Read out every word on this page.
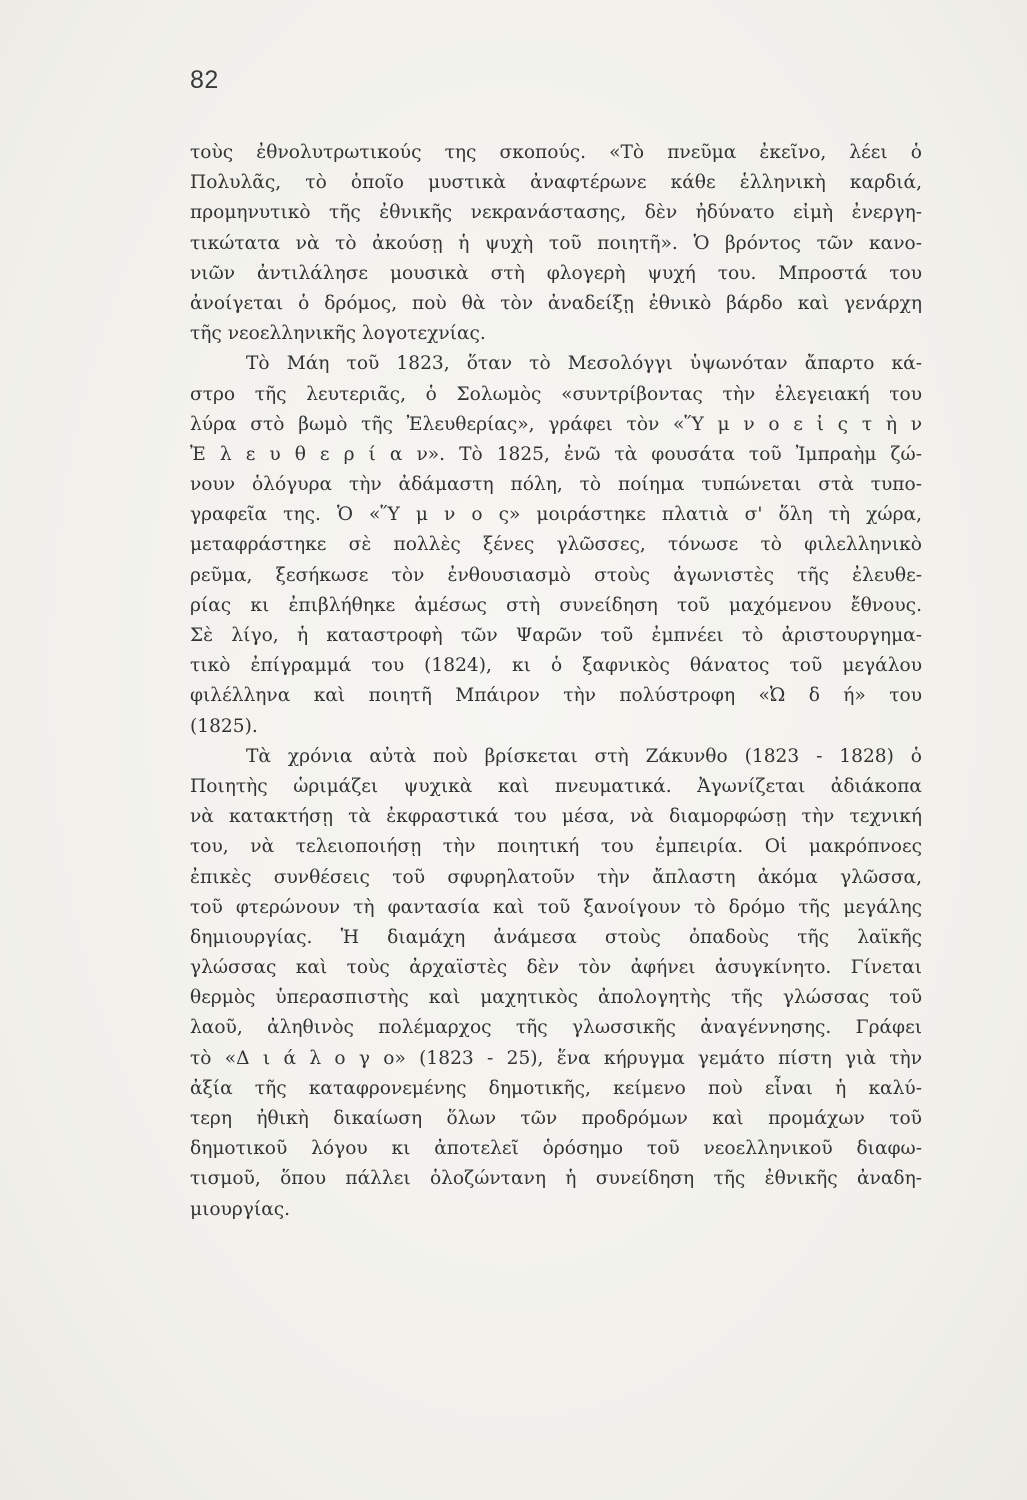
82
τοὺς ἐθνολυτρωτικούς της σκοπούς. «Τὸ πνεῦμα ἐκεῖνο, λέει ὁ
Πολυλᾶς, τὸ ὁποῖο μυστικὰ ἀναφτέρωνε κάθε ἑλληνικὴ καρδιά,
προμηνυτικὸ τῆς ἐθνικῆς νεκρανάστασης, δὲν ἠδύνατο εἰμὴ ἐνεργη-
τικώτατα νὰ τὸ ἀκούσῃ ἡ ψυχὴ τοῦ ποιητῆ». Ὁ βρόντος τῶν κανο-
νιῶν ἀντιλάλησε μουσικὰ στὴ φλογερὴ ψυχή του. Μπροστά του
ἀνοίγεται ὁ δρόμος, ποὺ θὰ τὸν ἀναδείξῃ ἐθνικὸ βάρδο καὶ γενάρχη
τῆς νεοελληνικῆς λογοτεχνίας.
Τὸ Μάη τοῦ 1823, ὅταν τὸ Μεσολόγγι ὑψωνόταν ἄπαρτο κά-
στρο τῆς λευτεριᾶς, ὁ Σολωμὸς «συντρίβοντας τὴν ἐλεγειακή του
λύρα στὸ βωμὸ τῆς Ἐλευθερίας», γράφει τὸν «Ὕ μ ν ο ε ἰ ς τ ὴ ν
Ἐ λ ε υ θ ε ρ ί α ν». Τὸ 1825, ἐνῶ τὰ φουσάτα τοῦ Ἰμπραὴμ ζώ-
νουν ὁλόγυρα τὴν ἀδάμαστη πόλη, τὸ ποίημα τυπώνεται στὰ τυπο-
γραφεῖα της. Ὁ «Ὕ μ ν ο ς» μοιράστηκε πλατιὰ σ' ὅλη τὴ χώρα,
μεταφράστηκε σὲ πολλὲς ξένες γλῶσσες, τόνωσε τὸ φιλελληνικὸ
ρεῦμα, ξεσήκωσε τὸν ἐνθουσιασμὸ στοὺς ἀγωνιστὲς τῆς ἐλευθε-
ρίας κι ἐπιβλήθηκε ἀμέσως στὴ συνείδηση τοῦ μαχόμενου ἔθνους.
Σὲ λίγο, ἡ καταστροφὴ τῶν Ψαρῶν τοῦ ἐμπνέει τὸ ἀριστουργημα-
τικὸ ἐπίγραμμά του (1824), κι ὁ ξαφνικὸς θάνατος τοῦ μεγάλου
φιλέλληνα καὶ ποιητῆ Μπάιρον τὴν πολύστροφη «Ὠ δ ή» του
(1825).
Τὰ χρόνια αὐτὰ ποὺ βρίσκεται στὴ Ζάκυνθο (1823 - 1828) ὁ
Ποιητὴς ὡριμάζει ψυχικὰ καὶ πνευματικά. Ἀγωνίζεται ἀδιάκοπα
νὰ κατακτήσῃ τὰ ἐκφραστικά του μέσα, νὰ διαμορφώσῃ τὴν τεχνική
του, νὰ τελειοποιήσῃ τὴν ποιητική του ἐμπειρία. Οἱ μακρόπνοες
ἐπικὲς συνθέσεις τοῦ σφυρηλατοῦν τὴν ἄπλαστη ἀκόμα γλῶσσα,
τοῦ φτερώνουν τὴ φαντασία καὶ τοῦ ξανοίγουν τὸ δρόμο τῆς μεγάλης
δημιουργίας. Ἡ διαμάχη ἀνάμεσα στοὺς ὀπαδοὺς τῆς λαϊκῆς
γλώσσας καὶ τοὺς ἀρχαϊστὲς δὲν τὸν ἀφήνει ἀσυγκίνητο. Γίνεται
θερμὸς ὑπερασπιστὴς καὶ μαχητικὸς ἀπολογητὴς τῆς γλώσσας τοῦ
λαοῦ, ἀληθινὸς πολέμαρχος τῆς γλωσσικῆς ἀναγέννησης. Γράφει
τὸ «Δ ι ά λ ο γ ο» (1823 - 25), ἕνα κήρυγμα γεμάτο πίστη γιὰ τὴν
ἀξία τῆς καταφρονεμένης δημοτικῆς, κείμενο ποὺ εἶναι ἡ καλύ-
τερη ἠθικὴ δικαίωση ὅλων τῶν προδρόμων καὶ προμάχων τοῦ
δημοτικοῦ λόγου κι ἀποτελεῖ ὁρόσημο τοῦ νεοελληνικοῦ διαφω-
τισμοῦ, ὅπου πάλλει ὁλοζώντανη ἡ συνείδηση τῆς ἐθνικῆς ἀναδη-
μιουργίας.
